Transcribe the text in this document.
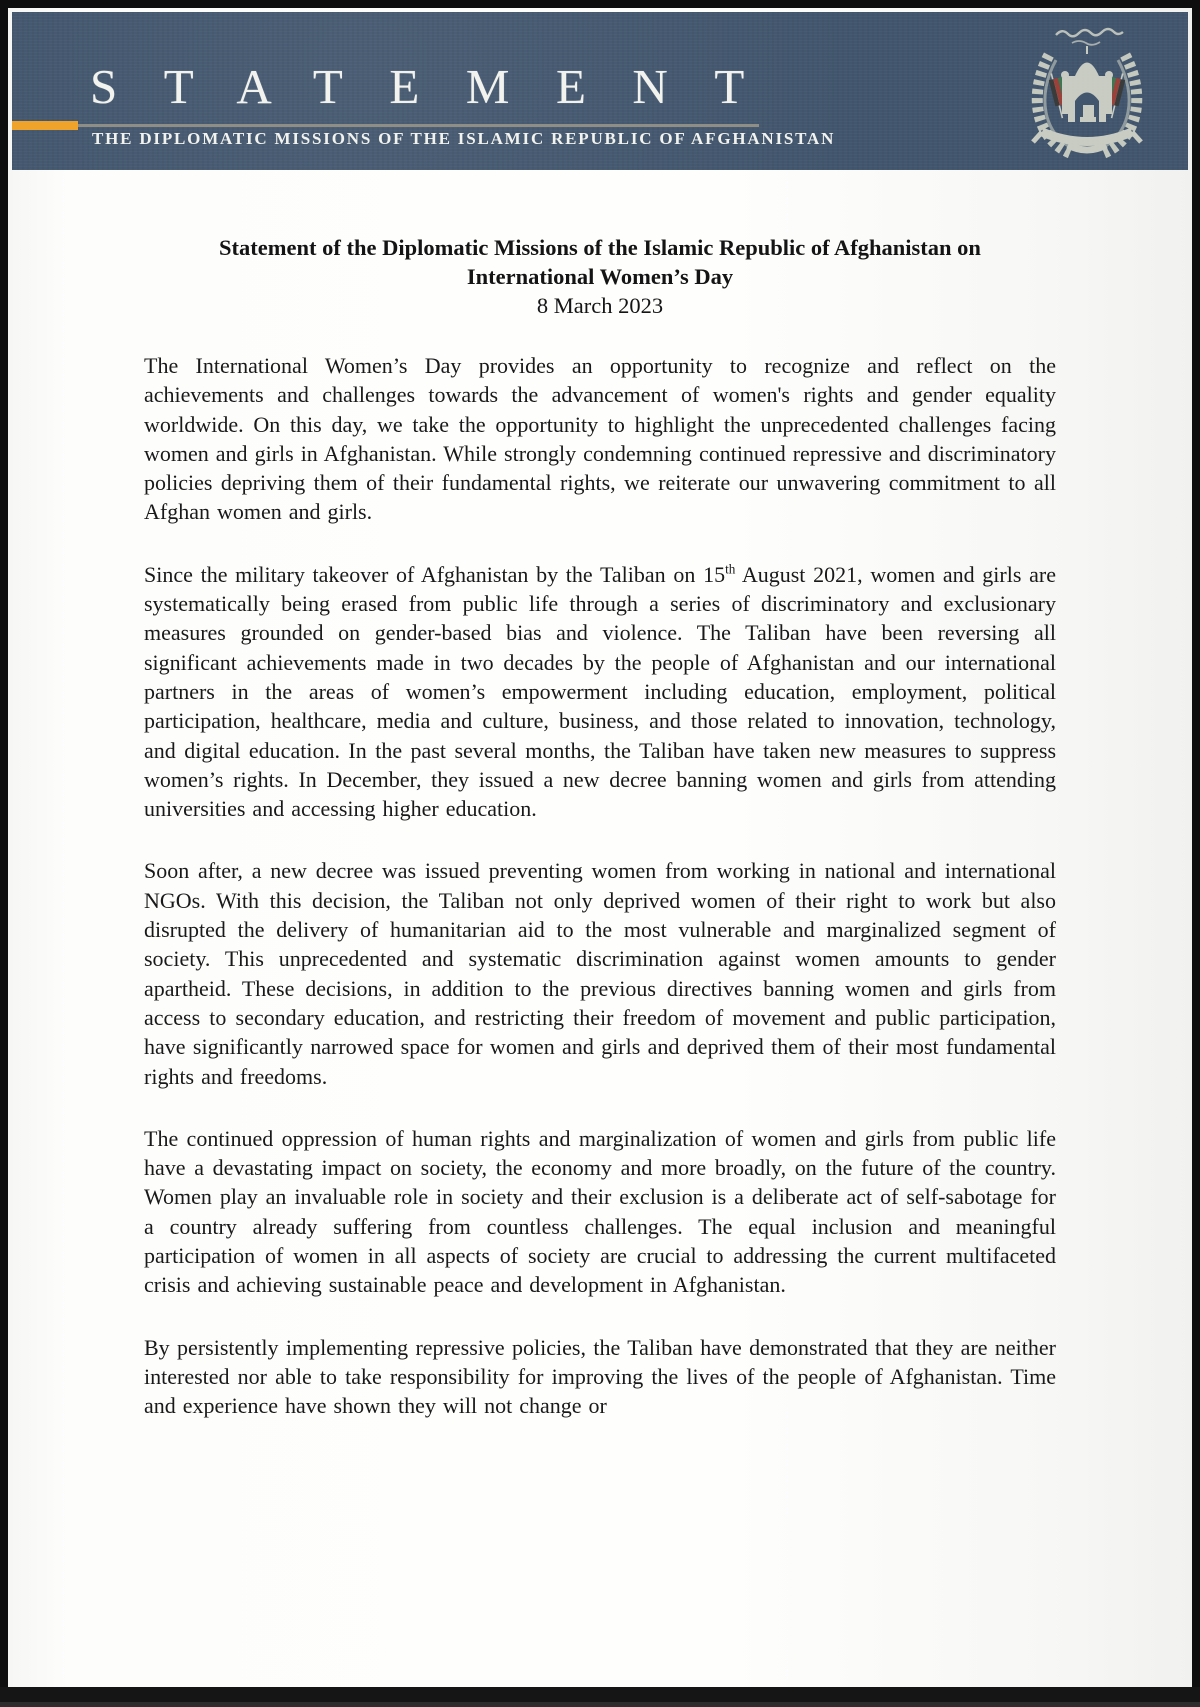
STATEMENT
THE DIPLOMATIC MISSIONS OF THE ISLAMIC REPUBLIC OF AFGHANISTAN
Statement of the Diplomatic Missions of the Islamic Republic of Afghanistan on
International Women’s Day
8 March 2023

The International Women’s Day provides an opportunity to recognize and reflect on the achievements and challenges towards the advancement of women's rights and gender equality worldwide. On this day, we take the opportunity to highlight the unprecedented challenges facing women and girls in Afghanistan. While strongly condemning continued repressive and discriminatory policies depriving them of their fundamental rights, we reiterate our unwavering commitment to all Afghan women and girls.

Since the military takeover of Afghanistan by the Taliban on 15th August 2021, women and girls are systematically being erased from public life through a series of discriminatory and exclusionary measures grounded on gender-based bias and violence. The Taliban have been reversing all significant achievements made in two decades by the people of Afghanistan and our international partners in the areas of women’s empowerment including education, employment, political participation, healthcare, media and culture, business, and those related to innovation, technology, and digital education. In the past several months, the Taliban have taken new measures to suppress women’s rights. In December, they issued a new decree banning women and girls from attending universities and accessing higher education.

Soon after, a new decree was issued preventing women from working in national and international NGOs. With this decision, the Taliban not only deprived women of their right to work but also disrupted the delivery of humanitarian aid to the most vulnerable and marginalized segment of society. This unprecedented and systematic discrimination against women amounts to gender apartheid. These decisions, in addition to the previous directives banning women and girls from access to secondary education, and restricting their freedom of movement and public participation, have significantly narrowed space for women and girls and deprived them of their most fundamental rights and freedoms.

The continued oppression of human rights and marginalization of women and girls from public life have a devastating impact on society, the economy and more broadly, on the future of the country. Women play an invaluable role in society and their exclusion is a deliberate act of self-sabotage for a country already suffering from countless challenges. The equal inclusion and meaningful participation of women in all aspects of society are crucial to addressing the current multifaceted crisis and achieving sustainable peace and development in Afghanistan.

By persistently implementing repressive policies, the Taliban have demonstrated that they are neither interested nor able to take responsibility for improving the lives of the people of Afghanistan. Time and experience have shown they will not change or
